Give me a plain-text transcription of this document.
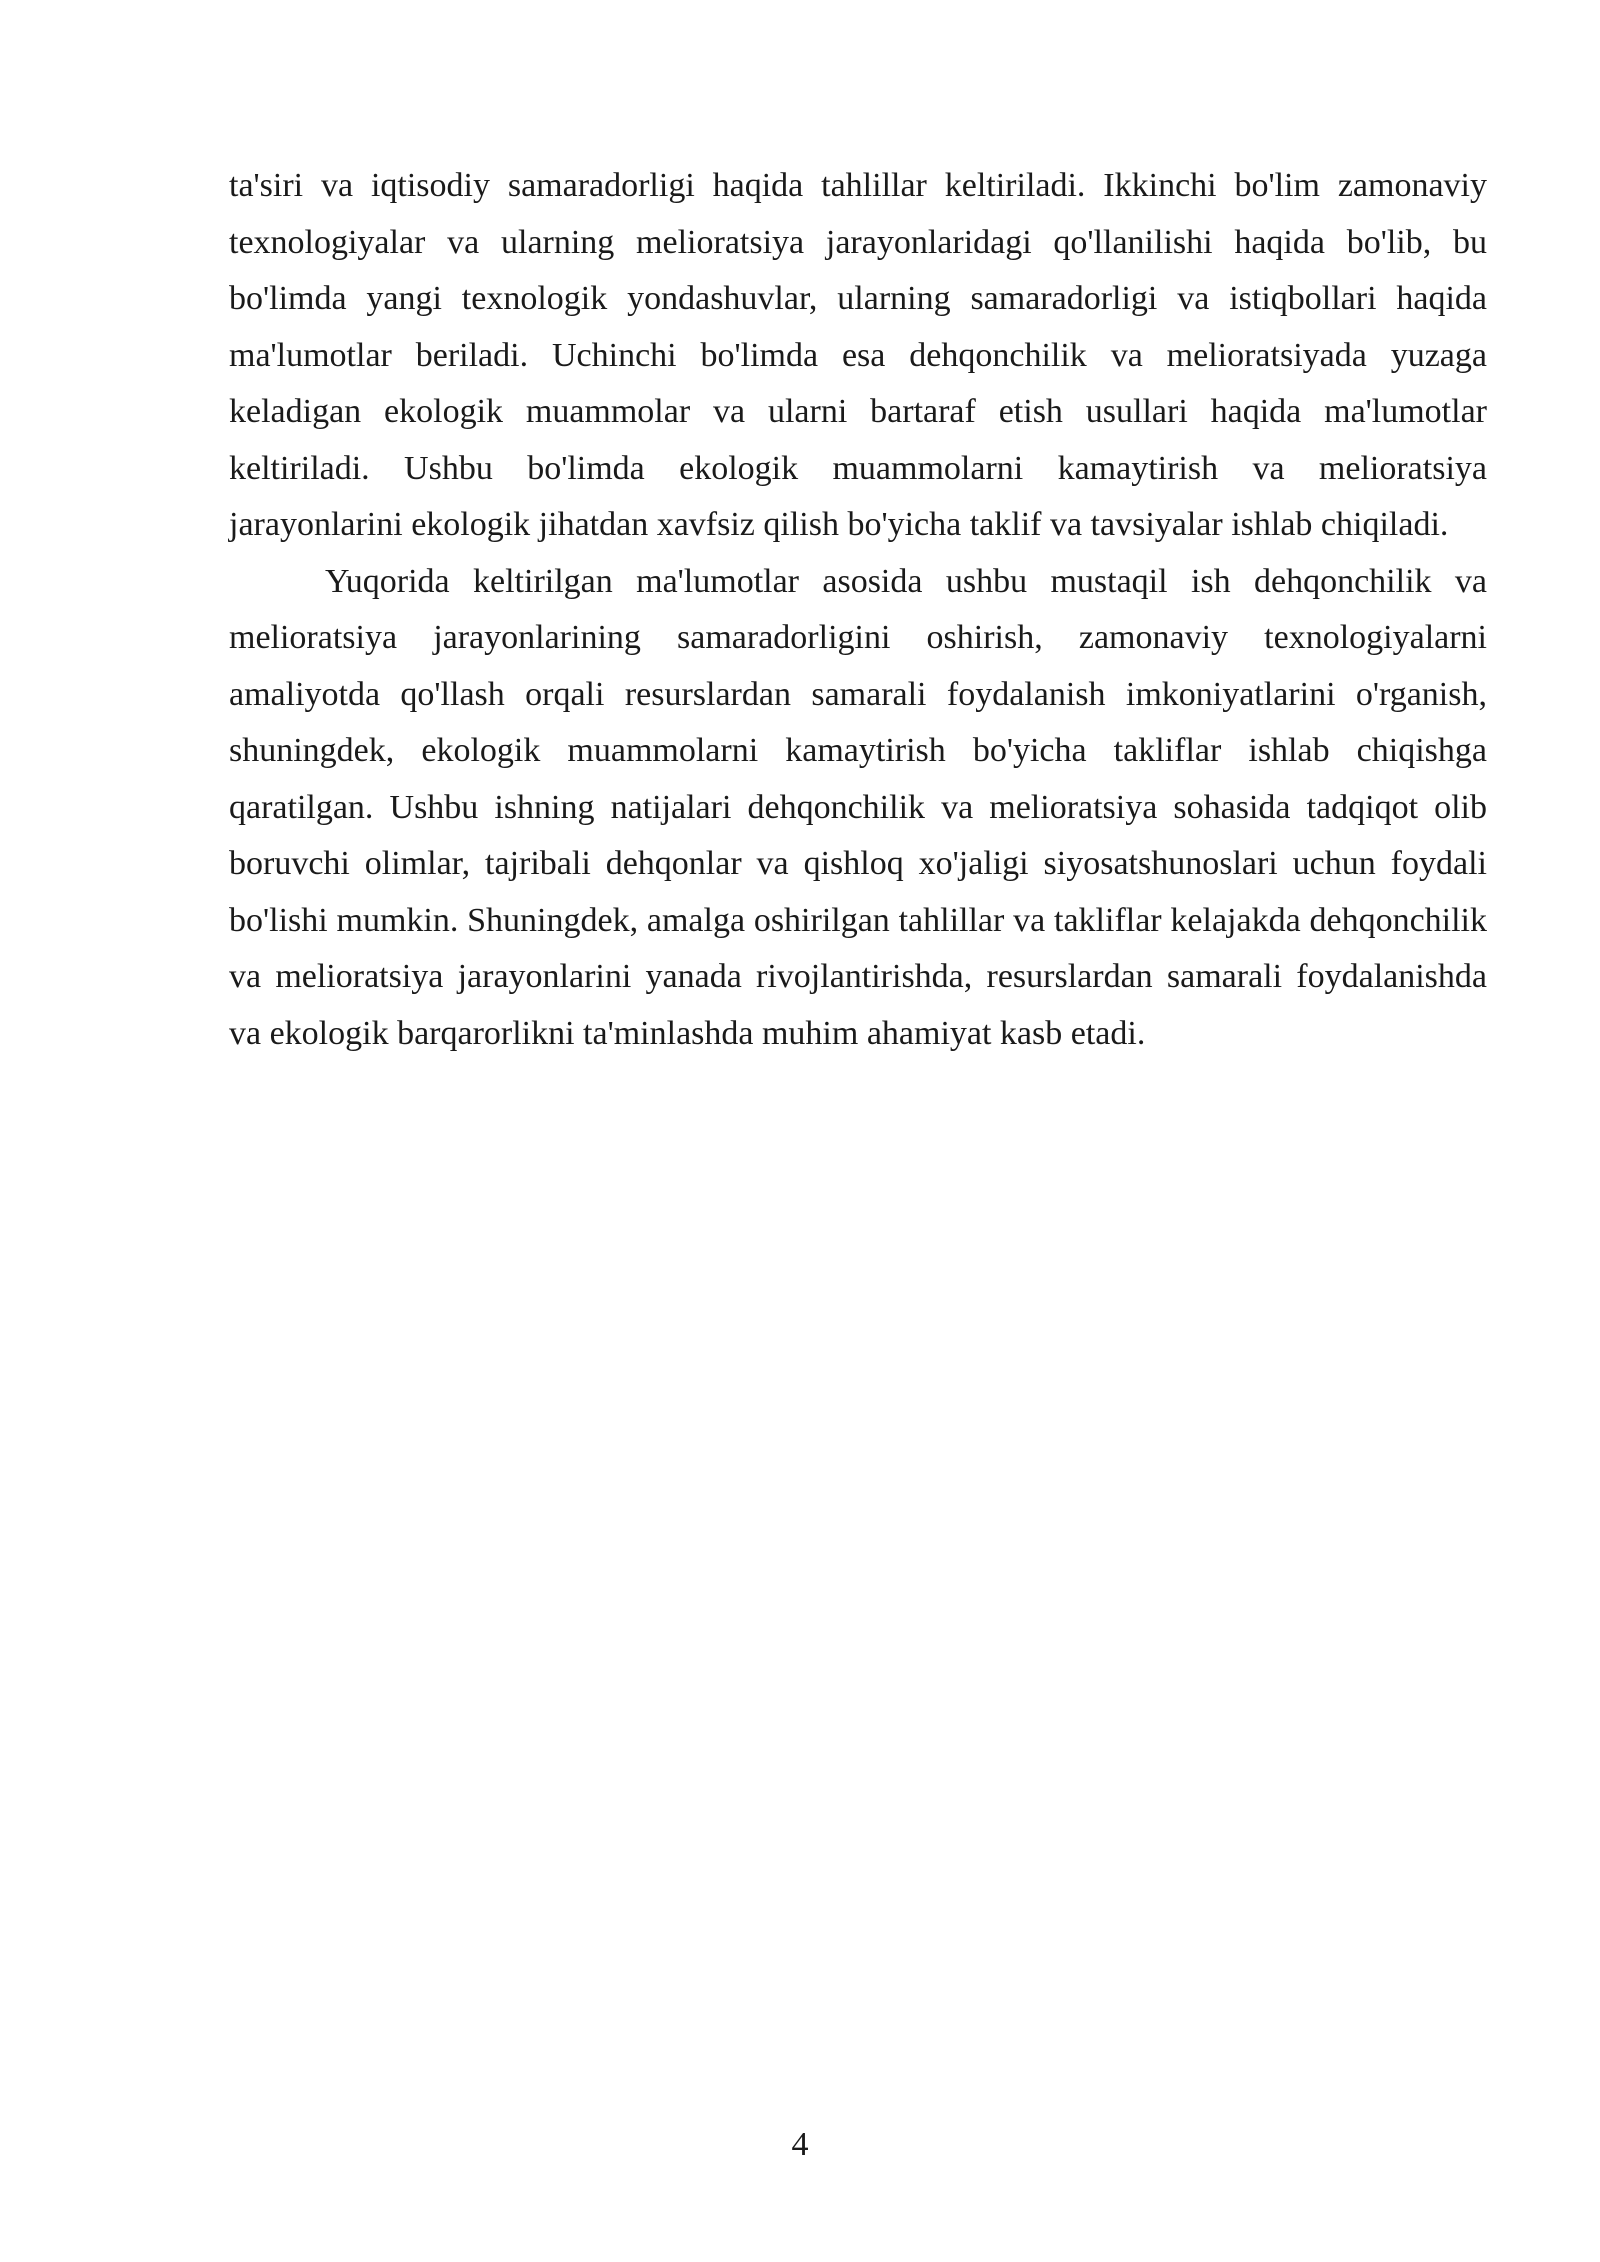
ta'siri va iqtisodiy samaradorligi haqida tahlillar keltiriladi. Ikkinchi bo'lim zamonaviy texnologiyalar va ularning melioratsiya jarayonlaridagi qo'llanilishi haqida bo'lib, bu bo'limda yangi texnologik yondashuvlar, ularning samaradorligi va istiqbollari haqida ma'lumotlar beriladi. Uchinchi bo'limda esa dehqonchilik va melioratsiyada yuzaga keladigan ekologik muammolar va ularni bartaraf etish usullari haqida ma'lumotlar keltiriladi. Ushbu bo'limda ekologik muammolarni kamaytirish va melioratsiya jarayonlarini ekologik jihatdan xavfsiz qilish bo'yicha taklif va tavsiyalar ishlab chiqiladi.

Yuqorida keltirilgan ma'lumotlar asosida ushbu mustaqil ish dehqonchilik va melioratsiya jarayonlarining samaradorligini oshirish, zamonaviy texnologiyalarni amaliyotda qo'llash orqali resurslardan samarali foydalanish imkoniyatlarini o'rganish, shuningdek, ekologik muammolarni kamaytirish bo'yicha takliflar ishlab chiqishga qaratilgan. Ushbu ishning natijalari dehqonchilik va melioratsiya sohasida tadqiqot olib boruvchi olimlar, tajribali dehqonlar va qishloq xo'jaligi siyosatshunoslari uchun foydali bo'lishi mumkin. Shuningdek, amalga oshirilgan tahlillar va takliflar kelajakda dehqonchilik va melioratsiya jarayonlarini yanada rivojlantirishda, resurslardan samarali foydalanishda va ekologik barqarorlikni ta'minlashda muhim ahamiyat kasb etadi.

4
